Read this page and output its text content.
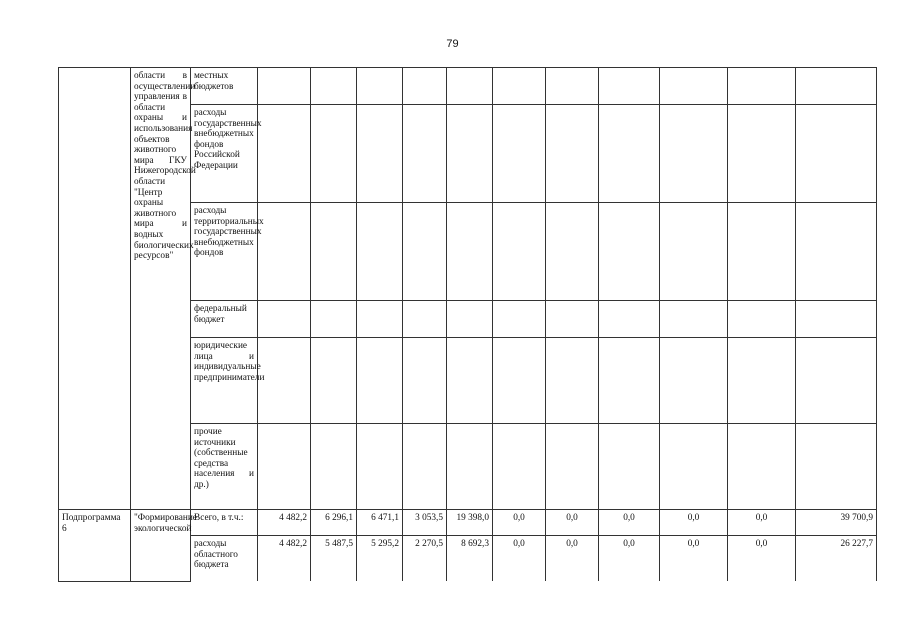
79
	области в осуществлении управления в области охраны и использования объектов животного мира ГКУ Нижегородской области "Центр охраны животного мира и водных биологических ресурсов"	местных бюджетов											
		расходы государственных внебюджетных фондов Российской Федерации											
		расходы территориальных государственных внебюджетных фондов											
		федеральный бюджет											
		юридические лица и индивидуальные предприниматели											
		прочие источники (собственные средства населения и др.)											
Подпрограмма 6	"Формирование экологической	Всего, в т.ч.:	4 482,2	6 296,1	6 471,1	3 053,5	19 398,0	0,0	0,0	0,0	0,0	0,0	39 700,9
		расходы областного бюджета	4 482,2	5 487,5	5 295,2	2 270,5	8 692,3	0,0	0,0	0,0	0,0	0,0	26 227,7
